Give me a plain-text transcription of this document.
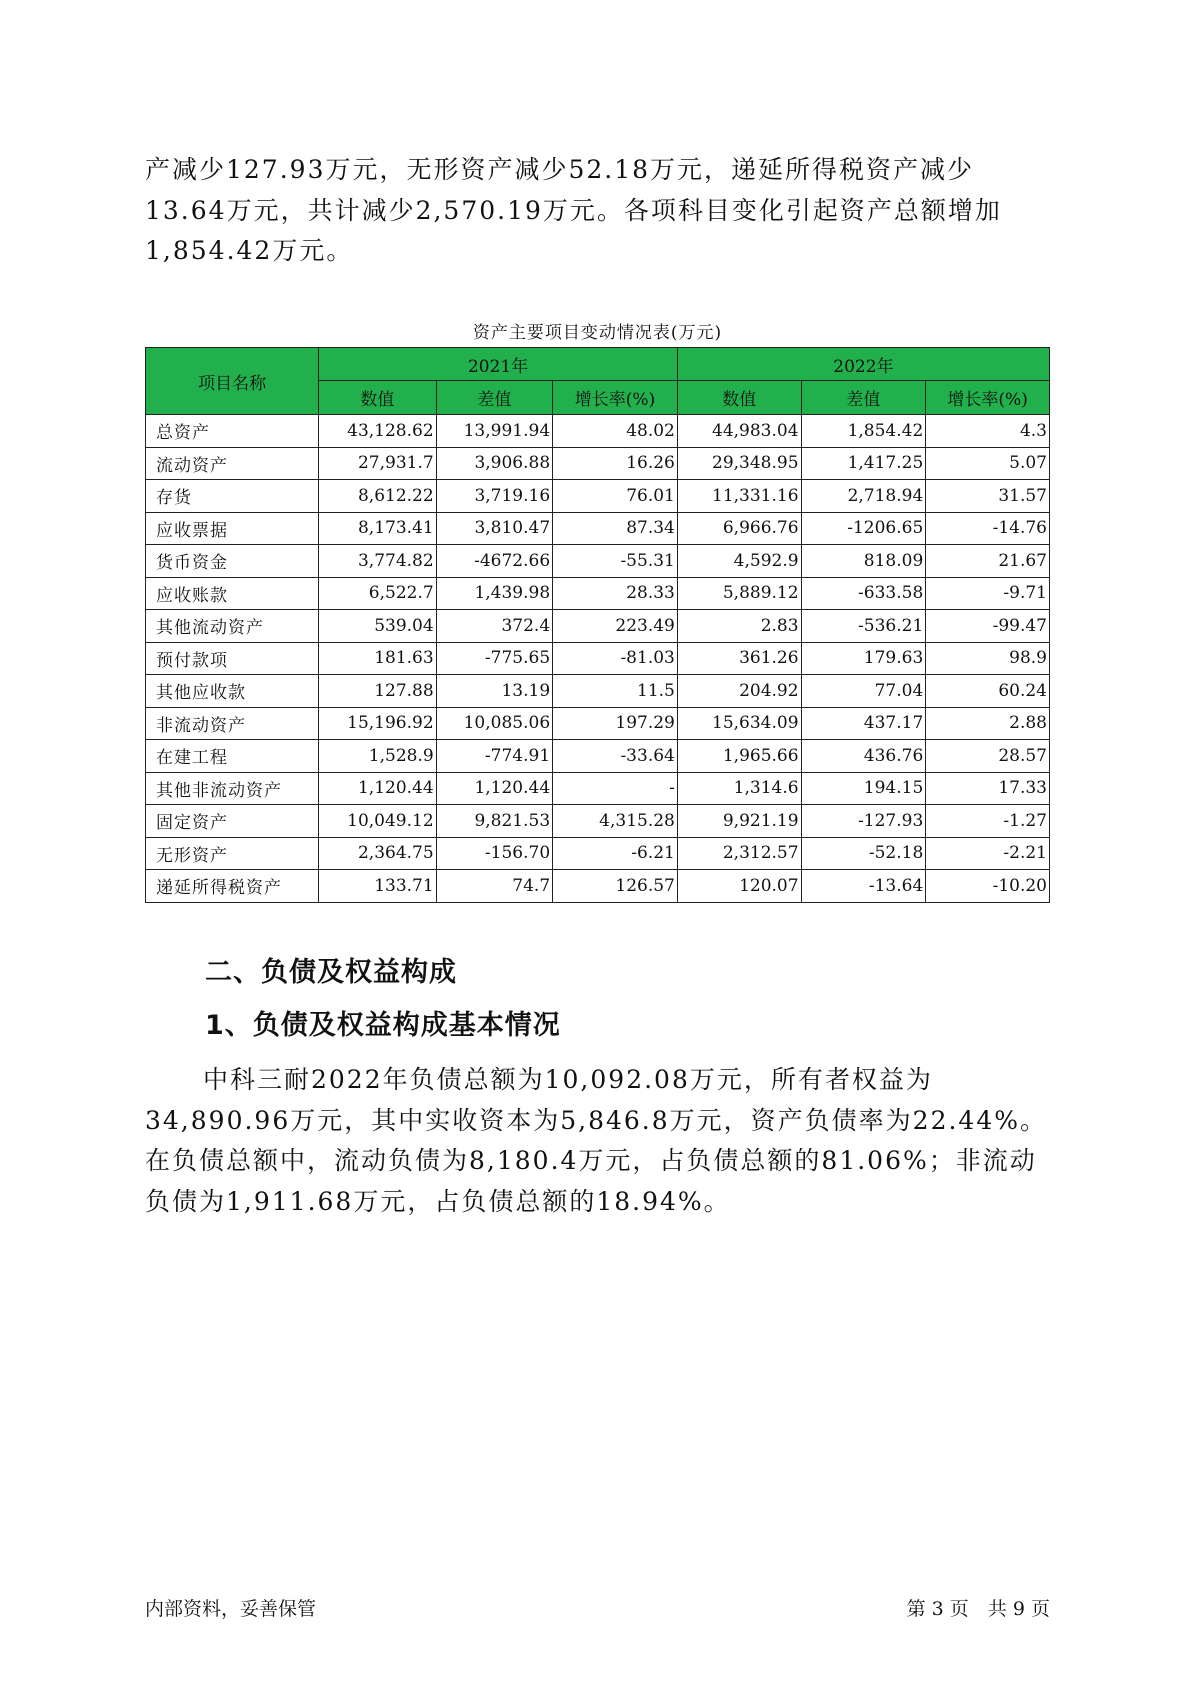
产减少127.93万元，无形资产减少52.18万元，递延所得税资产减少13.64万元，共计减少2,570.19万元。各项科目变化引起资产总额增加1,854.42万元。

资产主要项目变动情况表(万元)
项目名称	2021年			2022年		
	数值	差值	增长率(%)	数值	差值	增长率(%)
总资产	43,128.62	13,991.94	48.02	44,983.04	1,854.42	4.3
流动资产	27,931.7	3,906.88	16.26	29,348.95	1,417.25	5.07
存货	8,612.22	3,719.16	76.01	11,331.16	2,718.94	31.57
应收票据	8,173.41	3,810.47	87.34	6,966.76	-1206.65	-14.76
货币资金	3,774.82	-4672.66	-55.31	4,592.9	818.09	21.67
应收账款	6,522.7	1,439.98	28.33	5,889.12	-633.58	-9.71
其他流动资产	539.04	372.4	223.49	2.83	-536.21	-99.47
预付款项	181.63	-775.65	-81.03	361.26	179.63	98.9
其他应收款	127.88	13.19	11.5	204.92	77.04	60.24
非流动资产	15,196.92	10,085.06	197.29	15,634.09	437.17	2.88
在建工程	1,528.9	-774.91	-33.64	1,965.66	436.76	28.57
其他非流动资产	1,120.44	1,120.44	-	1,314.6	194.15	17.33
固定资产	10,049.12	9,821.53	4,315.28	9,921.19	-127.93	-1.27
无形资产	2,364.75	-156.70	-6.21	2,312.57	-52.18	-2.21
递延所得税资产	133.71	74.7	126.57	120.07	-13.64	-10.20
二、负债及权益构成
1、负债及权益构成基本情况

中科三耐2022年负债总额为10,092.08万元，所有者权益为34,890.96万元，其中实收资本为5,846.8万元，资产负债率为22.44%。在负债总额中，流动负债为8,180.4万元，占负债总额的81.06%；非流动负债为1,911.68万元，占负债总额的18.94%。

内部资料，妥善保管	第 3 页　共 9 页
